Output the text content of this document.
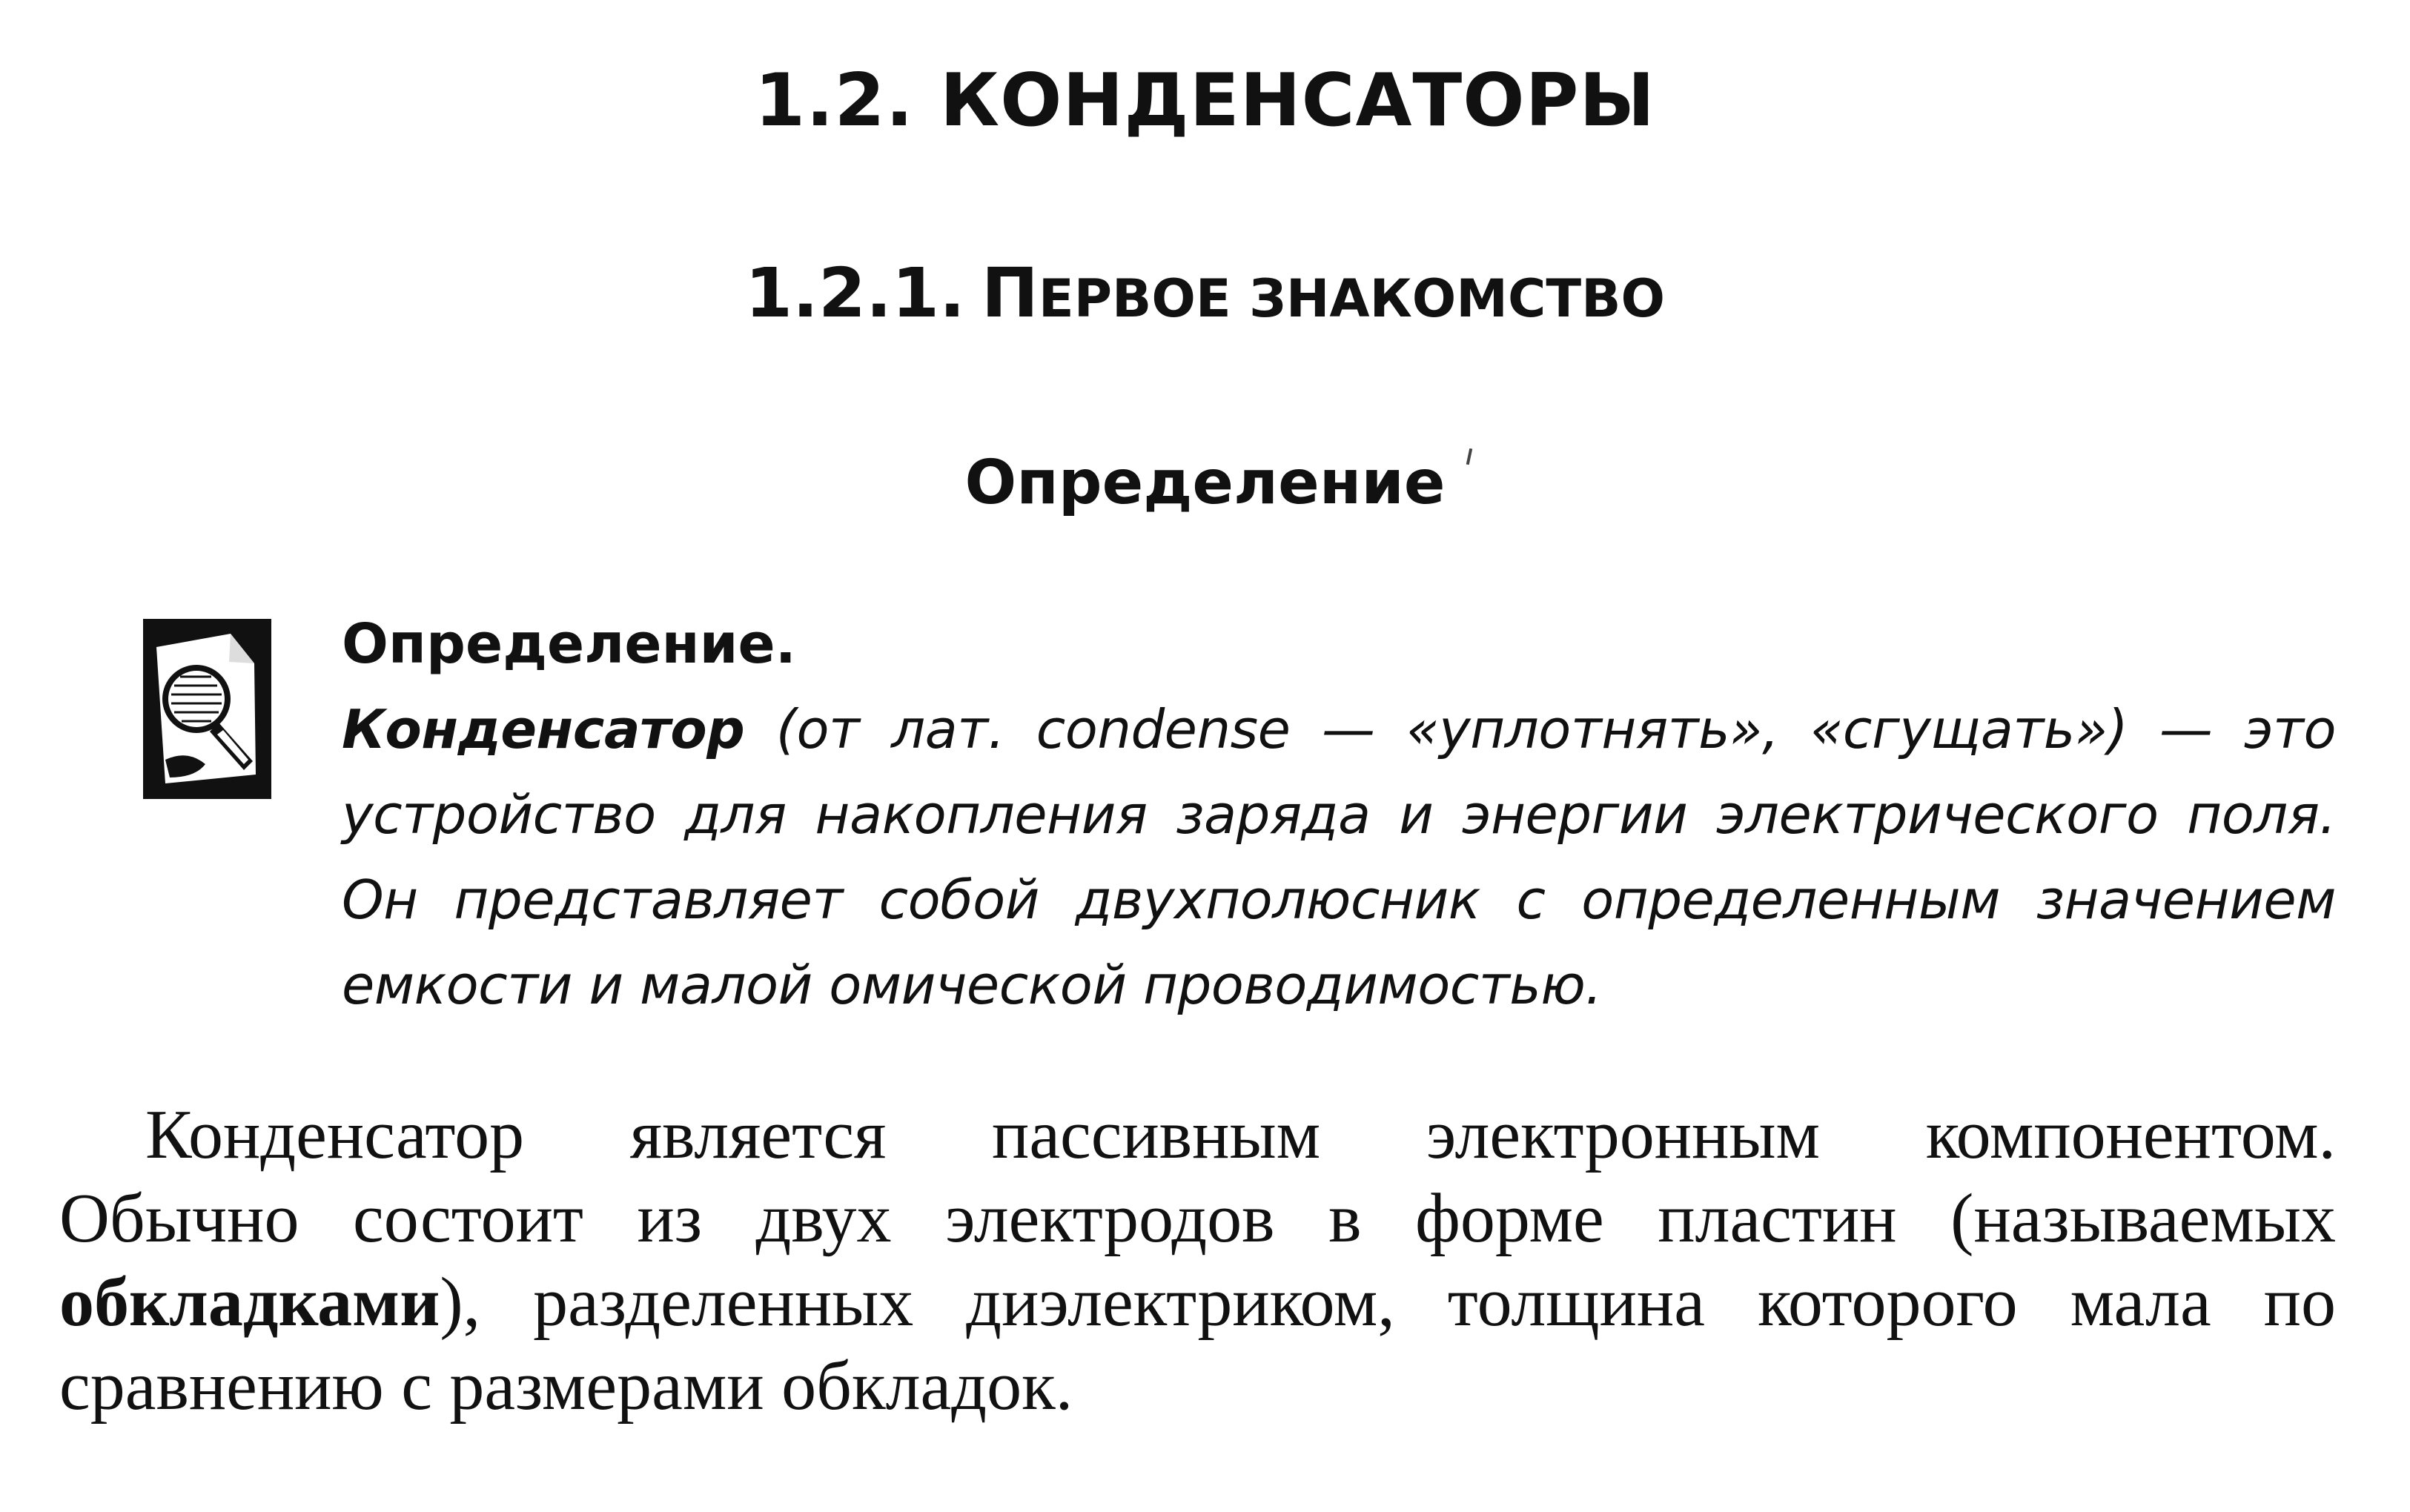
1.2. КОНДЕНСАТОРЫ
1.2.1. ПЕРВОЕ ЗНАКОМСТВО
Определение
Определение.
Конденсатор (от лат. condense — «уплотнять», «сгущать») — это
устройство для накопления заряда и энергии электрического поля.
Он представляет собой двухполюсник с определенным значением
емкости и малой омической проводимостью.
Конденсатор является пассивным электронным компонентом.
Обычно состоит из двух электродов в форме пластин (называемых
обкладками), разделенных диэлектриком, толщина которого мала по
сравнению с размерами обкладок.
